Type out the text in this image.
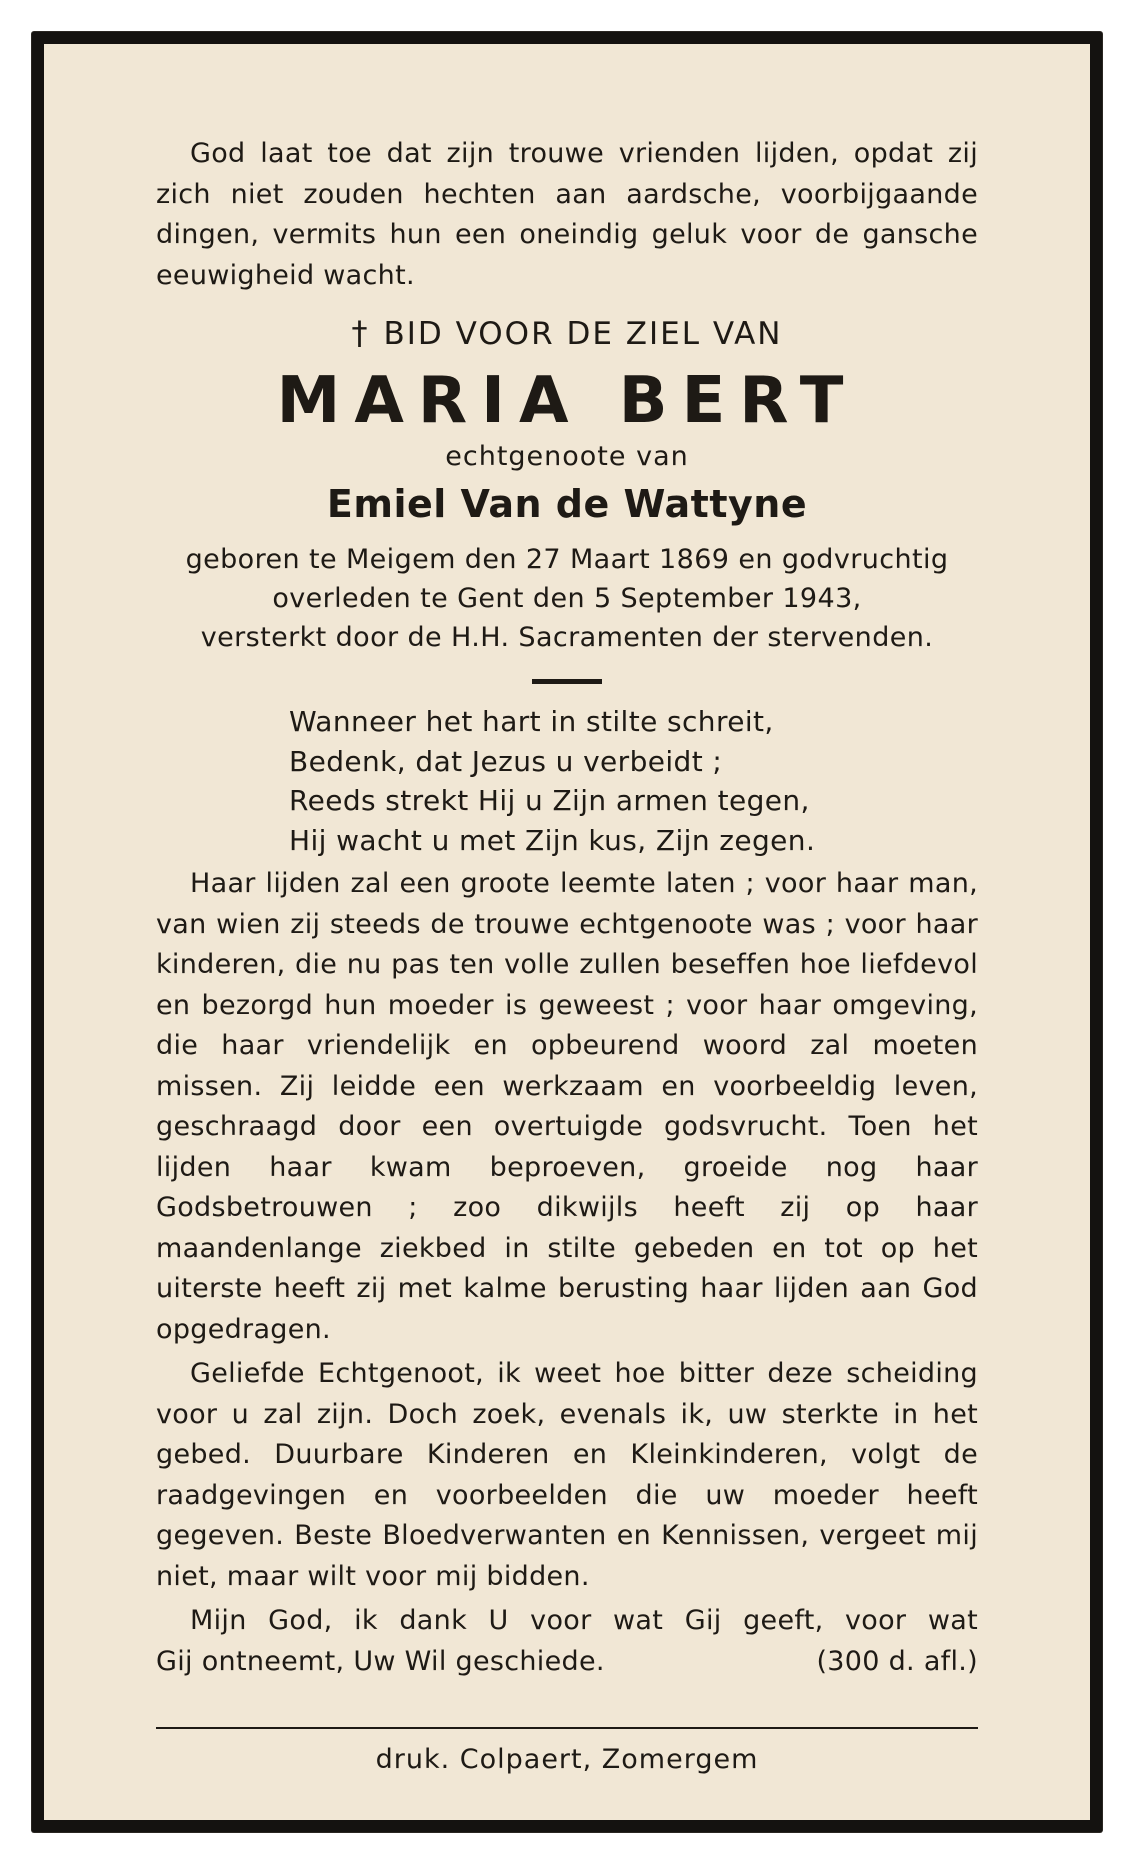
God laat toe dat zijn trouwe vrienden lijden, opdat zij zich niet zouden hechten aan aardsche, voorbijgaande dingen, vermits hun een oneindig geluk voor de gansche eeuwigheid wacht.

† BID VOOR DE ZIEL VAN
MARIA BERT
echtgenoote van
Emiel Van de Wattyne
geboren te Meigem den 27 Maart 1869 en godvruchtig
overleden te Gent den 5 September 1943,
versterkt door de H.H. Sacramenten der stervenden.
Wanneer het hart in stilte schreit,
Bedenk, dat Jezus u verbeidt ;
Reeds strekt Hij u Zijn armen tegen,
Hij wacht u met Zijn kus, Zijn zegen.

Haar lijden zal een groote leemte laten ; voor haar man, van wien zij steeds de trouwe echtgenoote was ; voor haar kinderen, die nu pas ten volle zullen beseffen hoe liefdevol en bezorgd hun moeder is geweest ; voor haar omgeving, die haar vriendelijk en opbeurend woord zal moeten missen. Zij leidde een werkzaam en voorbeeldig leven, geschraagd door een overtuigde godsvrucht. Toen het lijden haar kwam beproeven, groeide nog haar Godsbetrouwen ; zoo dikwijls heeft zij op haar maandenlange ziekbed in stilte gebeden en tot op het uiterste heeft zij met kalme berusting haar lijden aan God opgedragen.

Geliefde Echtgenoot, ik weet hoe bitter deze scheiding voor u zal zijn. Doch zoek, evenals ik, uw sterkte in het gebed. Duurbare Kinderen en Kleinkinderen, volgt de raadgevingen en voorbeelden die uw moeder heeft gegeven. Beste Bloedverwanten en Kennissen, vergeet mij niet, maar wilt voor mij bidden.

Mijn God, ik dank U voor wat Gij geeft, voor wat

Gij ontneemt, Uw Wil geschiede.	(300 d. afl.)
druk. Colpaert, Zomergem
